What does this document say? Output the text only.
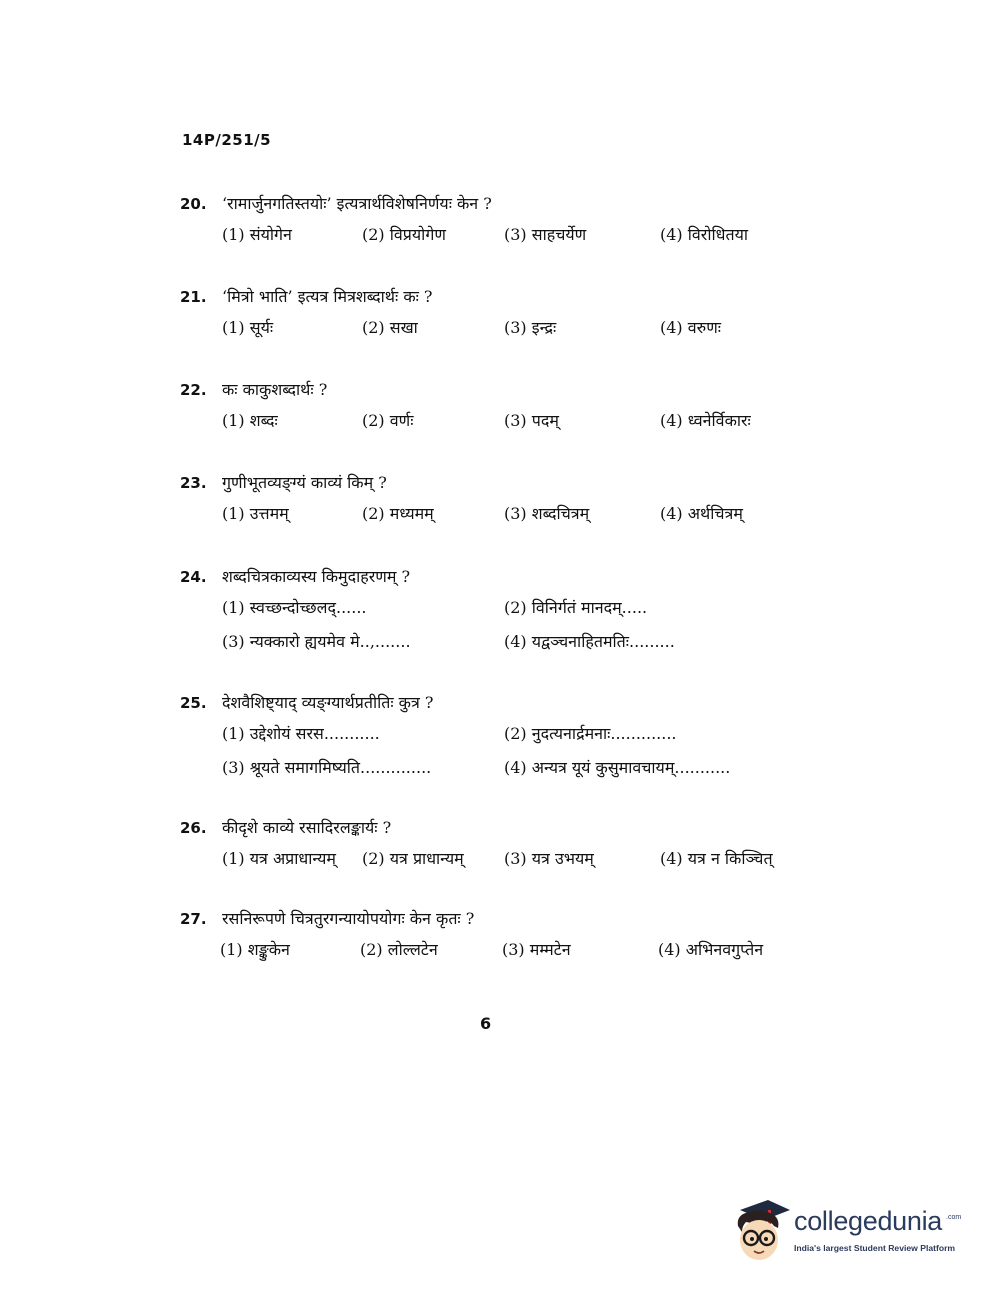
14P/251/5
20. ‘रामार्जुनगतिस्तयोः’ इत्यत्रार्थविशेषनिर्णयः केन ?
(1) संयोगेन	(2) विप्रयोगेण	(3) साहचर्येण	(4) विरोधितया
21. ‘मित्रो भाति’ इत्यत्र मित्रशब्दार्थः कः ?
(1) सूर्यः	(2) सखा	(3) इन्द्रः	(4) वरुणः
22. कः काकुशब्दार्थः ?
(1) शब्दः	(2) वर्णः	(3) पदम्	(4) ध्वनेर्विकारः
23. गुणीभूतव्यङ्ग्यं काव्यं किम् ?
(1) उत्तमम्	(2) मध्यमम्	(3) शब्दचित्रम्	(4) अर्थचित्रम्
24. शब्दचित्रकाव्यस्य किमुदाहरणम् ?
(1) स्वच्छन्दोच्छलद्......	(2) विनिर्गतं मानदम्.....
(3) न्यक्कारो ह्ययमेव मे..,.......	(4) यद्वञ्चनाहितमतिः.........
25. देशवैशिष्ट्याद् व्यङ्ग्यार्थप्रतीतिः कुत्र ?
(1) उद्देशोयं सरस...........	(2) नुदत्यनार्द्रमनाः.............
(3) श्रूयते समागमिष्यति..............	(4) अन्यत्र यूयं कुसुमावचायम्...........
26. कीदृशे काव्ये रसादिरलङ्कार्यः ?
(1) यत्र अप्राधान्यम् (2) यत्र प्राधान्यम्	(3) यत्र उभयम्	(4) यत्र न किञ्चित्
27. रसनिरूपणे चित्रतुरगन्यायोपयोगः केन कृतः ?
(1) शङ्कुकेन	(2) लोल्लटेन	(3) मम्मटेन	(4) अभिनवगुप्तेन
6
collegedunia .com
India's largest Student Review Platform
